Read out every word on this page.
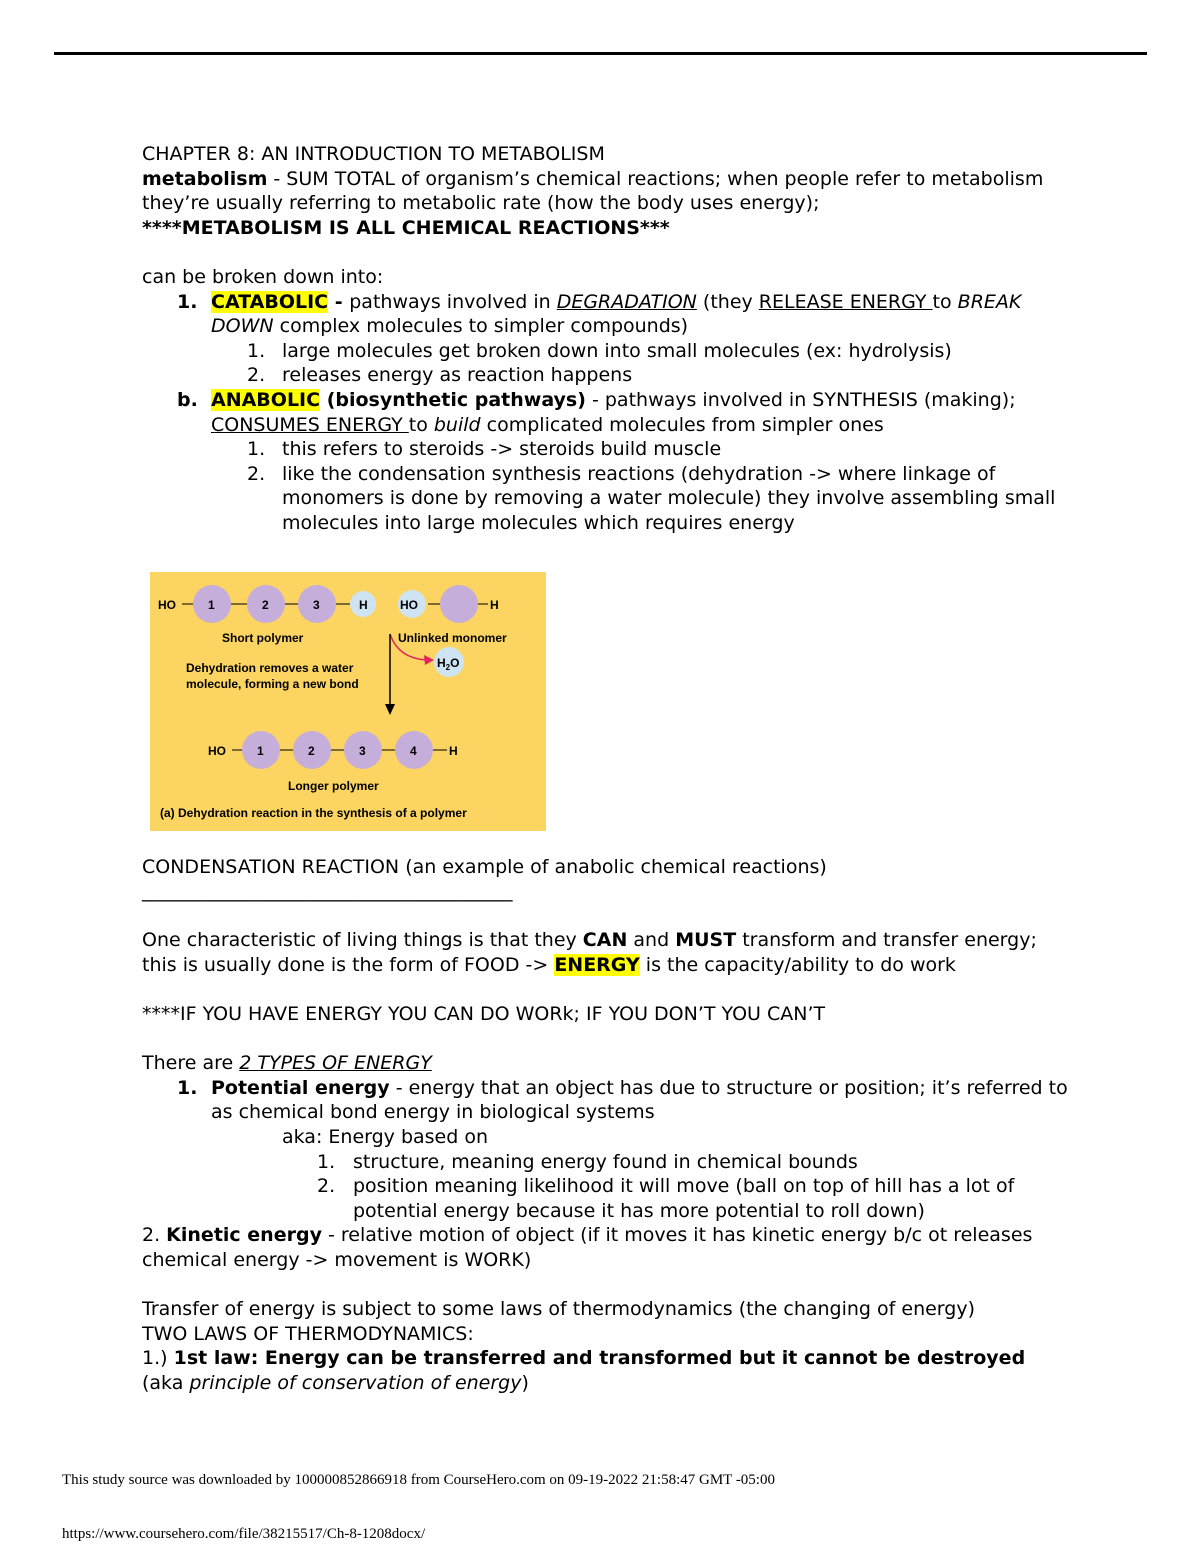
CHAPTER 8: AN INTRODUCTION TO METABOLISM

metabolism - SUM TOTAL of organism’s chemical reactions; when people refer to metabolism they’re usually referring to metabolic rate (how the body uses energy);

****METABOLISM IS ALL CHEMICAL REACTIONS***

can be broken down into:

1. CATABOLIC - pathways involved in DEGRADATION (they RELEASE ENERGY to BREAK DOWN complex molecules to simpler compounds)
1. large molecules get broken down into small molecules (ex: hydrolysis)
2. releases energy as reaction happens
b. ANABOLIC (biosynthetic pathways) - pathways involved in SYNTHESIS (making); CONSUMES ENERGY to build complicated molecules from simpler ones
1. this refers to steroids -> steroids build muscle
2. like the condensation synthesis reactions (dehydration -> where linkage of monomers is done by removing a water molecule) they involve assembling small molecules into large molecules which requires energy

CONDENSATION REACTION (an example of anabolic chemical reactions)

_______________________________________

One characteristic of living things is that they CAN and MUST transform and transfer energy; this is usually done is the form of FOOD -> ENERGY is the capacity/ability to do work

****IF YOU HAVE ENERGY YOU CAN DO WORk; IF YOU DON’T YOU CAN’T

There are 2 TYPES OF ENERGY

1. Potential energy - energy that an object has due to structure or position; it’s referred to as chemical bond energy in biological systems

aka: Energy based on

1. structure, meaning energy found in chemical bounds
2. position meaning likelihood it will move (ball on top of hill has a lot of potential energy because it has more potential to roll down)

2. Kinetic energy - relative motion of object (if it moves it has kinetic energy b/c ot releases chemical energy -> movement is WORK)

Transfer of energy is subject to some laws of thermodynamics (the changing of energy)

TWO LAWS OF THERMODYNAMICS:

1.) 1st law: Energy can be transferred and transformed but it cannot be destroyed (aka principle of conservation of energy)

HO	1	2	3	H	HO	H
Short polymer	Unlinked monomer
$H_2O$
Dehydration removes a water
molecule, forming a new bond
HO	1	2	3	4	H
Longer polymer
(a) Dehydration reaction in the synthesis of a polymer
This study source was downloaded by 100000852866918 from CourseHero.com on 09-19-2022 21:58:47 GMT -05:00
https://www.coursehero.com/file/38215517/Ch-8-1208docx/
